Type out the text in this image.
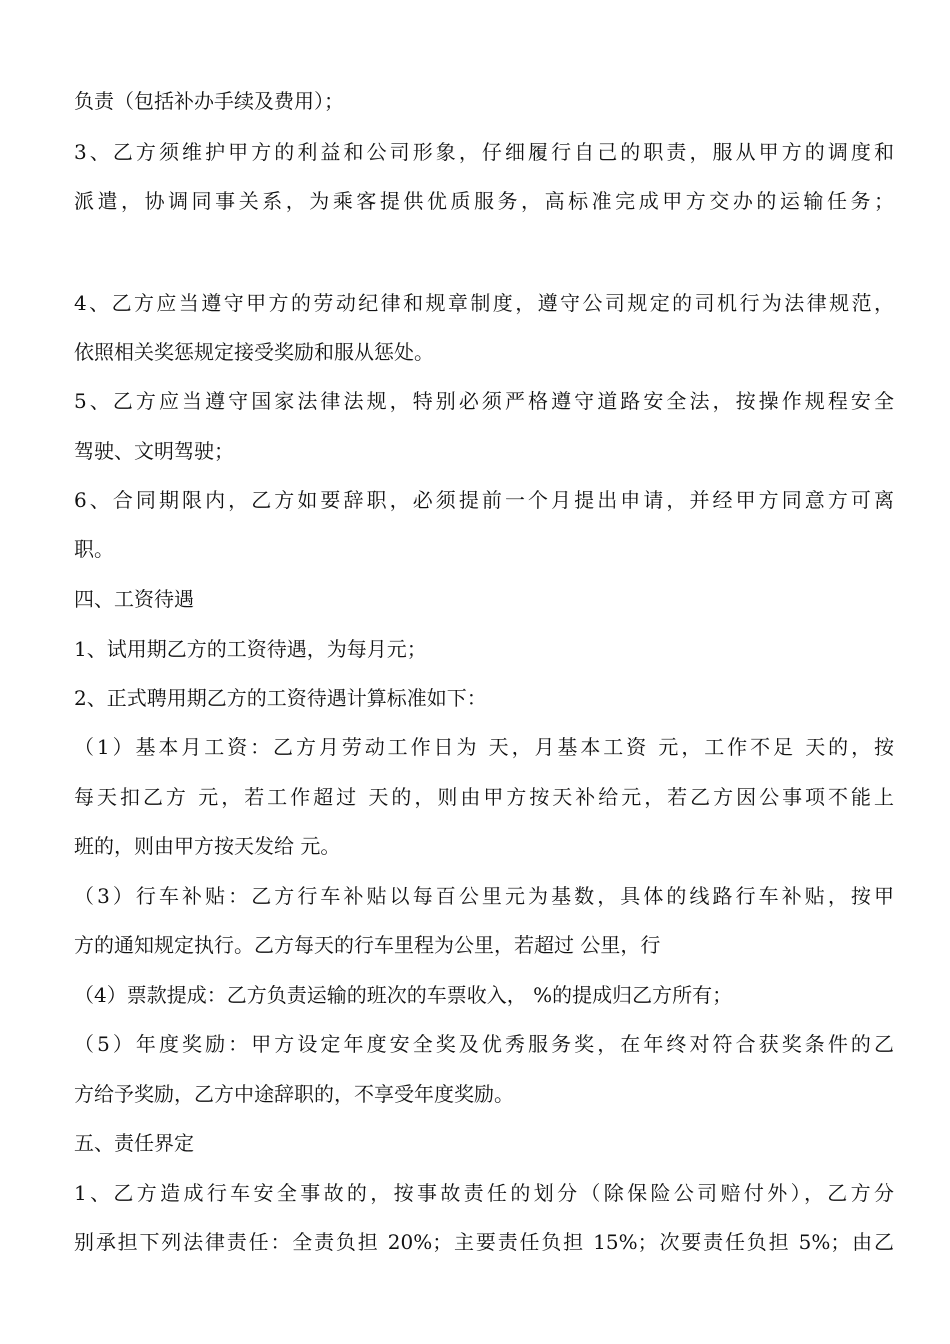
负责（包括补办手续及费用）；
3、乙方须维护甲方的利益和公司形象，仔细履行自己的职责，服从甲方的调度和
派遣，协调同事关系，为乘客提供优质服务，高标准完成甲方交办的运输任务；
4、乙方应当遵守甲方的劳动纪律和规章制度，遵守公司规定的司机行为法律规范，
依照相关奖惩规定接受奖励和服从惩处。
5、乙方应当遵守国家法律法规，特别必须严格遵守道路安全法，按操作规程安全
驾驶、文明驾驶；
6、合同期限内，乙方如要辞职，必须提前一个月提出申请，并经甲方同意方可离
职。
四、工资待遇
1、试用期乙方的工资待遇，为每月元；
2、正式聘用期乙方的工资待遇计算标准如下：
（1）基本月工资：乙方月劳动工作日为 天，月基本工资 元，工作不足 天的，按
每天扣乙方 元，若工作超过 天的，则由甲方按天补给元，若乙方因公事项不能上
班的，则由甲方按天发给 元。
（3）行车补贴：乙方行车补贴以每百公里元为基数，具体的线路行车补贴，按甲
方的通知规定执行。乙方每天的行车里程为公里，若超过 公里，行
（4）票款提成：乙方负责运输的班次的车票收入， %的提成归乙方所有；
（5）年度奖励：甲方设定年度安全奖及优秀服务奖，在年终对符合获奖条件的乙
方给予奖励，乙方中途辞职的，不享受年度奖励。
五、责任界定
1、乙方造成行车安全事故的，按事故责任的划分（除保险公司赔付外），乙方分
别承担下列法律责任：全责负担 20%；主要责任负担 15%；次要责任负担 5%；由乙
